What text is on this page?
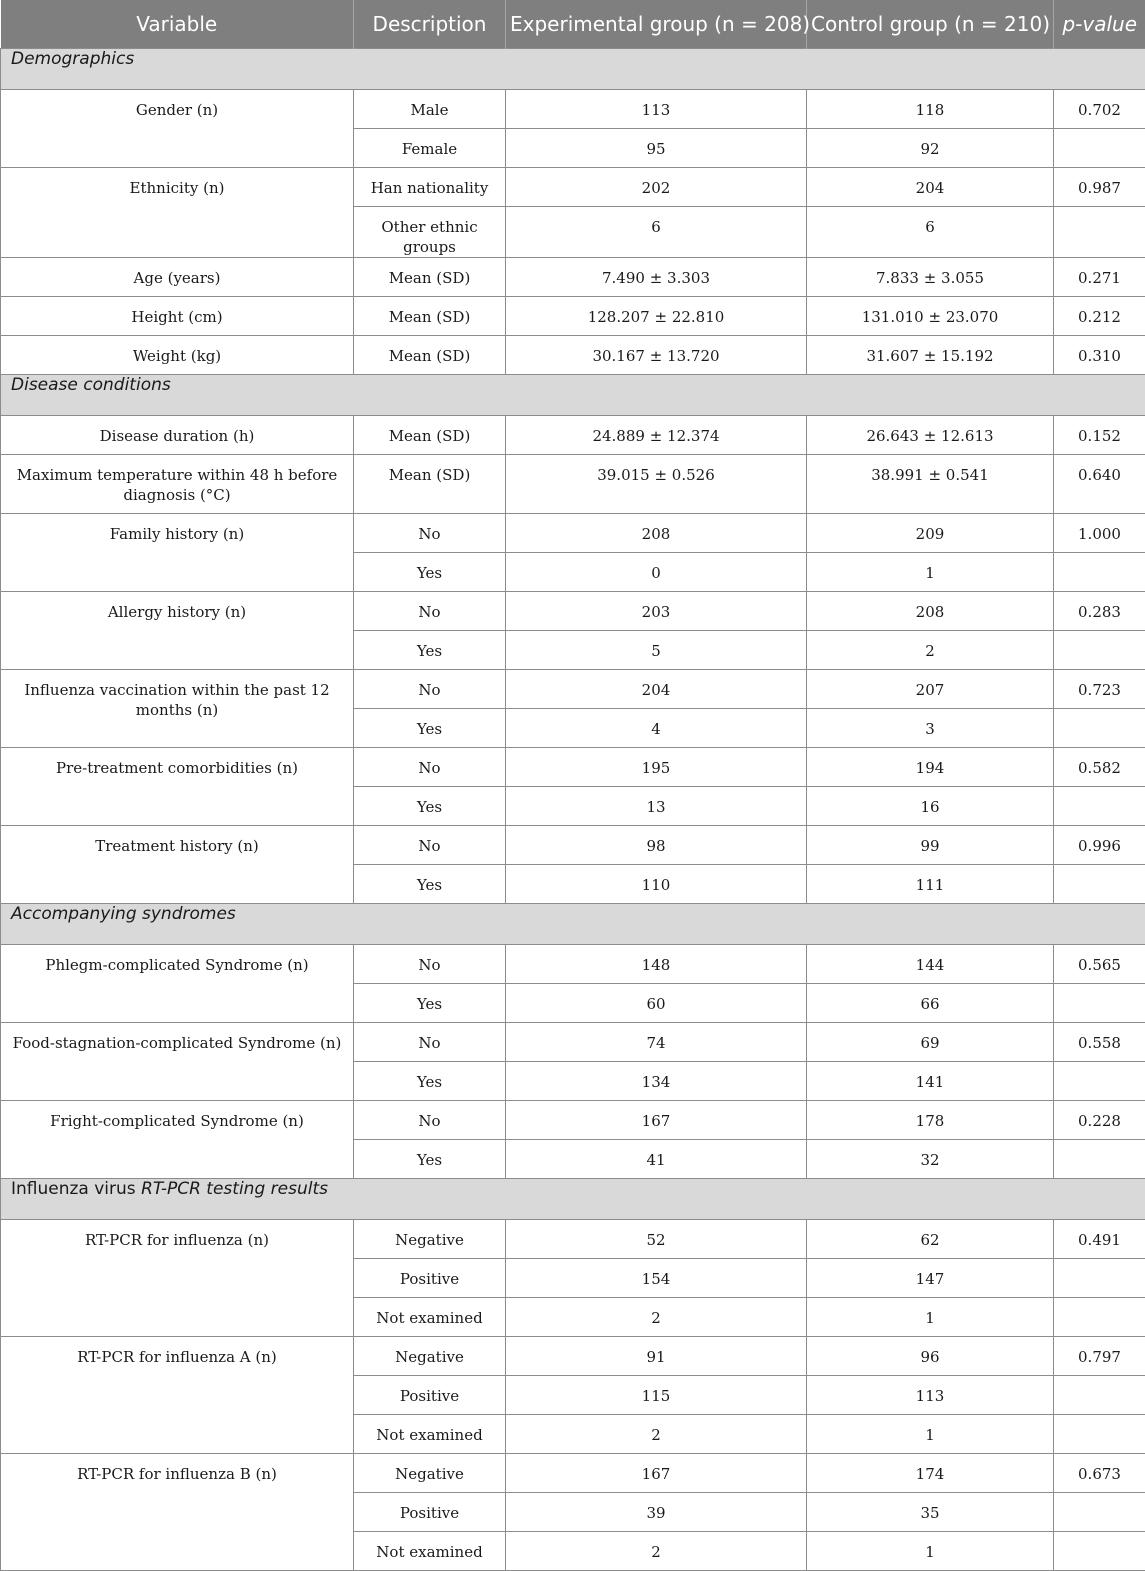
Variable	Description	Experimental group (n = 208)	Control group (n = 210)	p-value
Demographics				
Gender (n)	Male	113	118	0.702
	Female	95	92	
Ethnicity (n)	Han nationality	202	204	0.987
	Other ethnic groups	6	6	
Age (years)	Mean (SD)	7.490 ± 3.303	7.833 ± 3.055	0.271
Height (cm)	Mean (SD)	128.207 ± 22.810	131.010 ± 23.070	0.212
Weight (kg)	Mean (SD)	30.167 ± 13.720	31.607 ± 15.192	0.310
Disease conditions				
Disease duration (h)	Mean (SD)	24.889 ± 12.374	26.643 ± 12.613	0.152
Maximum temperature within 48 h before diagnosis (°C)	Mean (SD)	39.015 ± 0.526	38.991 ± 0.541	0.640
Family history (n)	No	208	209	1.000
	Yes	0	1	
Allergy history (n)	No	203	208	0.283
	Yes	5	2	
Influenza vaccination within the past 12 months (n)	No	204	207	0.723
	Yes	4	3	
Pre-treatment comorbidities (n)	No	195	194	0.582
	Yes	13	16	
Treatment history (n)	No	98	99	0.996
	Yes	110	111	
Accompanying syndromes				
Phlegm-complicated Syndrome (n)	No	148	144	0.565
	Yes	60	66	
Food-stagnation-complicated Syndrome (n)	No	74	69	0.558
	Yes	134	141	
Fright-complicated Syndrome (n)	No	167	178	0.228
	Yes	41	32	
Influenza virus RT-PCR testing results				
RT-PCR for influenza (n)	Negative	52	62	0.491
	Positive	154	147	
	Not examined	2	1	
RT-PCR for influenza A (n)	Negative	91	96	0.797
	Positive	115	113	
	Not examined	2	1	
RT-PCR for influenza B (n)	Negative	167	174	0.673
	Positive	39	35	
	Not examined	2	1	
